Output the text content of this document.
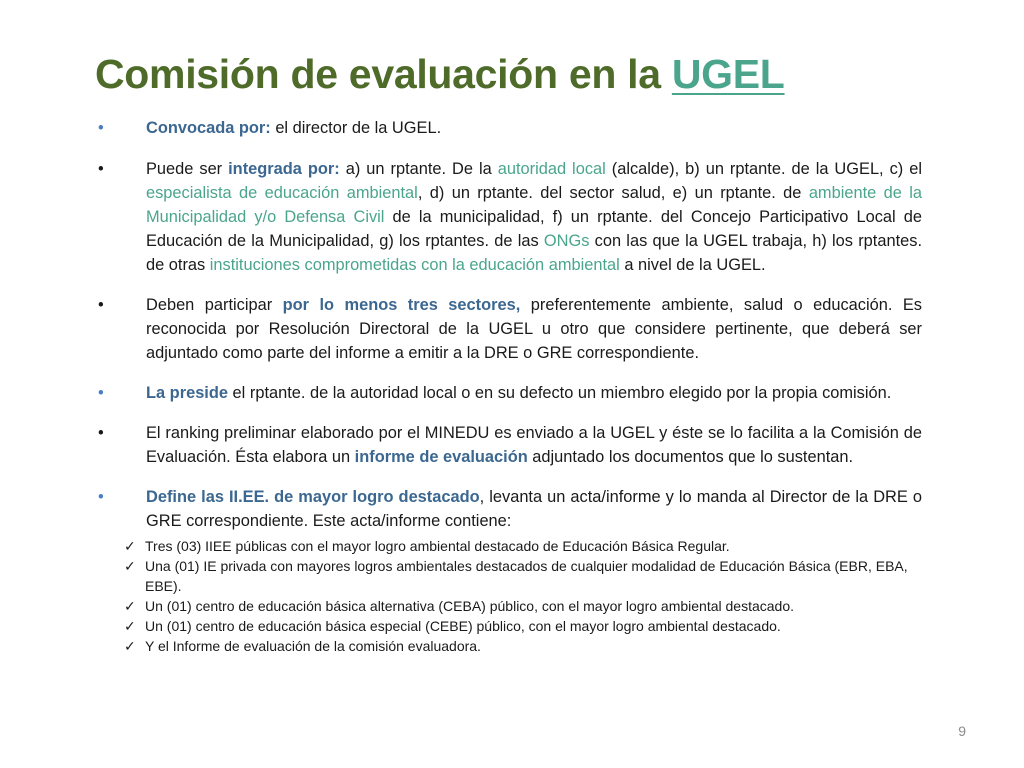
Comisión de evaluación en la UGEL
•	Convocada por: el director de la UGEL.
•	Puede ser integrada por: a) un rptante. De la autoridad local (alcalde), b) un rptante. de la UGEL, c) el especialista de educación ambiental, d) un rptante. del sector salud, e) un rptante. de ambiente de la Municipalidad y/o Defensa Civil de la municipalidad, f) un rptante. del Concejo Participativo Local de Educación de la Municipalidad, g) los rptantes. de las ONGs con las que la UGEL trabaja, h) los rptantes. de otras instituciones comprometidas con la educación ambiental a nivel de la UGEL.
•	Deben participar por lo menos tres sectores, preferentemente ambiente, salud o educación. Es reconocida por Resolución Directoral de la UGEL u otro que considere pertinente, que deberá ser adjuntado como parte del informe a emitir a la DRE o GRE correspondiente.
•	La preside el rptante. de la autoridad local o en su defecto un miembro elegido por la propia comisión.
•	El ranking preliminar elaborado por el MINEDU es enviado a la UGEL y éste se lo facilita a la Comisión de Evaluación. Ésta elabora un informe de evaluación adjuntado los documentos que lo sustentan.
•	Define las II.EE. de mayor logro destacado, levanta un acta/informe y lo manda al Director de la DRE o GRE correspondiente. Este acta/informe contiene:
✓ Tres (03) IIEE públicas con el mayor logro ambiental destacado de Educación Básica Regular.
✓ Una (01) IE privada con mayores logros ambientales destacados de cualquier modalidad de Educación Básica (EBR, EBA, EBE).
✓ Un (01) centro de educación básica alternativa (CEBA) público, con el mayor logro ambiental destacado.
✓ Un (01) centro de educación básica especial (CEBE) público, con el mayor logro ambiental destacado.
✓ Y el Informe de evaluación de la comisión evaluadora.
9
